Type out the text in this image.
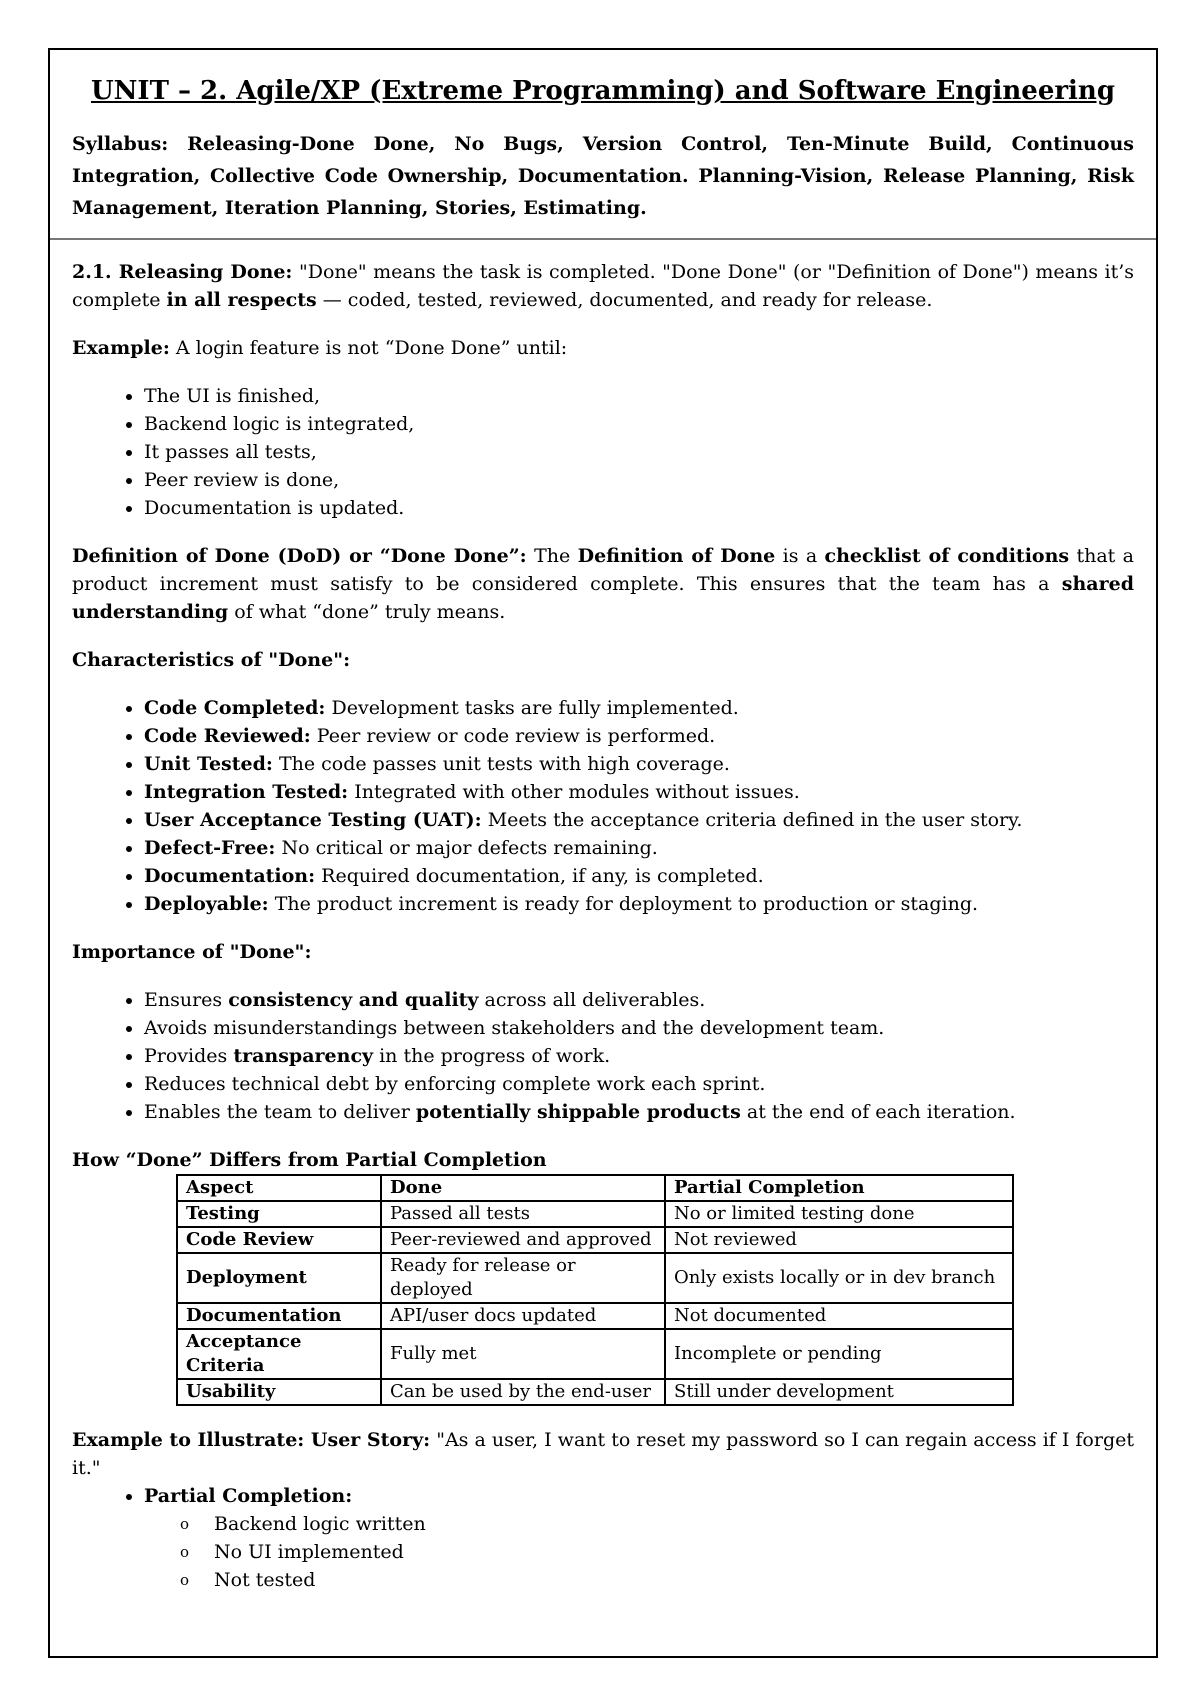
UNIT – 2. Agile/XP (Extreme Programming) and Software Engineering
Syllabus: Releasing-Done Done, No Bugs, Version Control, Ten-Minute Build, Continuous Integration, Collective Code Ownership, Documentation. Planning-Vision, Release Planning, Risk Management, Iteration Planning, Stories, Estimating.

2.1. Releasing Done: "Done" means the task is completed. "Done Done" (or "Definition of Done") means it’s complete in all respects — coded, tested, reviewed, documented, and ready for release.

Example: A login feature is not “Done Done” until:

• The UI is finished,
• Backend logic is integrated,
• It passes all tests,
• Peer review is done,
• Documentation is updated.

Definition of Done (DoD) or “Done Done”: The Definition of Done is a checklist of conditions that a product increment must satisfy to be considered complete. This ensures that the team has a shared understanding of what “done” truly means.

Characteristics of "Done":
• Code Completed: Development tasks are fully implemented.
• Code Reviewed: Peer review or code review is performed.
• Unit Tested: The code passes unit tests with high coverage.
• Integration Tested: Integrated with other modules without issues.
• User Acceptance Testing (UAT): Meets the acceptance criteria defined in the user story.
• Defect-Free: No critical or major defects remaining.
• Documentation: Required documentation, if any, is completed.
• Deployable: The product increment is ready for deployment to production or staging.
Importance of "Done":
• Ensures consistency and quality across all deliverables.
• Avoids misunderstandings between stakeholders and the development team.
• Provides transparency in the progress of work.
• Reduces technical debt by enforcing complete work each sprint.
• Enables the team to deliver potentially shippable products at the end of each iteration.
How “Done” Differs from Partial Completion
Aspect	Done	Partial Completion
Testing	Passed all tests	No or limited testing done
Code Review	Peer-reviewed and approved	Not reviewed
Deployment	Ready for release or deployed	Only exists locally or in dev branch
Documentation	API/user docs updated	Not documented
Acceptance Criteria	Fully met	Incomplete or pending
Usability	Can be used by the end-user	Still under development

Example to Illustrate: User Story: "As a user, I want to reset my password so I can regain access if I forget it."

• Partial Completion:
o Backend logic written
o No UI implemented
o Not tested
